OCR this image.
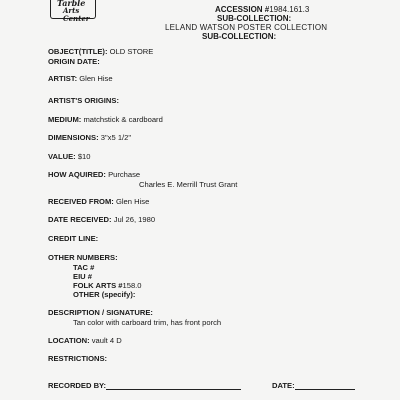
Tarble
Arts Center
ACCESSION #1984.161.3
SUB-COLLECTION:
LELAND WATSON POSTER COLLECTION
SUB-COLLECTION:
OBJECT(TITLE): OLD STORE
ORIGIN DATE:
ARTIST: Glen Hise
ARTIST'S ORIGINS:
MEDIUM: matchstick & cardboard
DIMENSIONS: 3"x5 1/2"
VALUE: $10
HOW AQUIRED: Purchase
Charles E. Merrill Trust Grant
RECEIVED FROM: Glen Hise
DATE RECEIVED: Jul 26, 1980
CREDIT LINE:
OTHER NUMBERS:
TAC #
EIU #
FOLK ARTS #158.0
OTHER (specify):
DESCRIPTION / SIGNATURE:
Tan color with carboard trim, has front porch
LOCATION: vault 4 D
RESTRICTIONS:
RECORDED BY:	DATE:
